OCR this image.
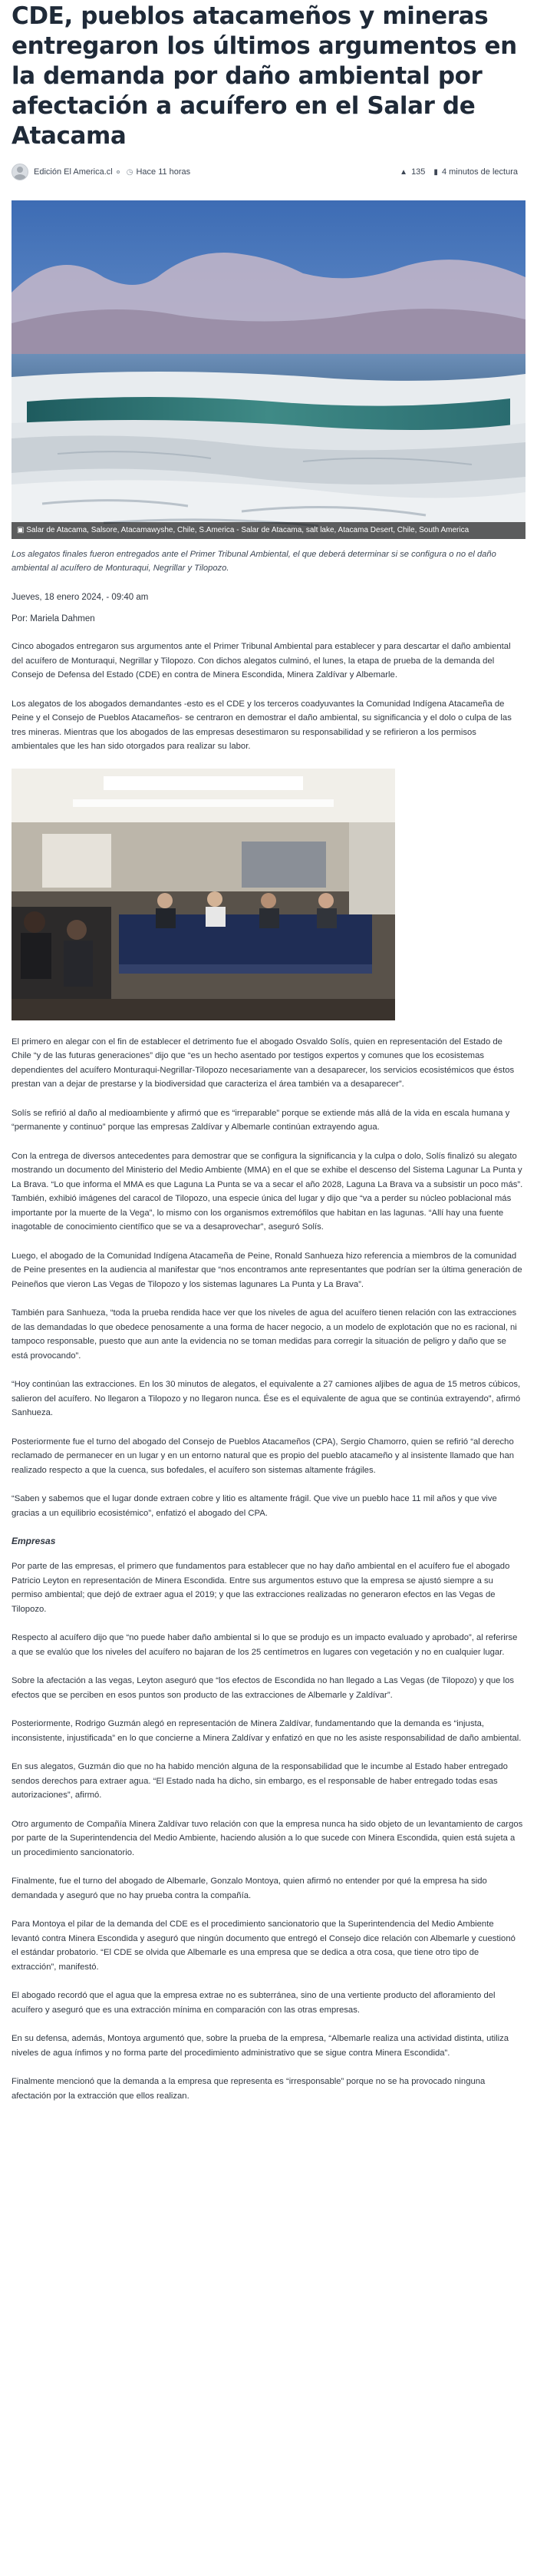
CDE, pueblos atacameños y mineras entregaron los últimos argumentos en la demanda por daño ambiental por afectación a acuífero en el Salar de Atacama
Edición El America.cl ◷ Hace 11 horas	▲ 135 ▮ 4 minutos de lectura
▣ Salar de Atacama, Salsore, Atacamawyshe, Chile, S.America - Salar de Atacama, salt lake, Atacama Desert, Chile, South America

Los alegatos finales fueron entregados ante el Primer Tribunal Ambiental, el que deberá determinar si se configura o no el daño ambiental al acuífero de Monturaqui, Negrillar y Tilopozo.

Jueves, 18 enero 2024, - 09:40 am
Por: Mariela Dahmen

Cinco abogados entregaron sus argumentos ante el Primer Tribunal Ambiental para establecer y para descartar el daño ambiental del acuífero de Monturaqui, Negrillar y Tilopozo. Con dichos alegatos culminó, el lunes, la etapa de prueba de la demanda del Consejo de Defensa del Estado (CDE) en contra de Minera Escondida, Minera Zaldívar y Albemarle.

Los alegatos de los abogados demandantes -esto es el CDE y los terceros coadyuvantes la Comunidad Indígena Atacameña de Peine y el Consejo de Pueblos Atacameños- se centraron en demostrar el daño ambiental, su significancia y el dolo o culpa de las tres mineras. Mientras que los abogados de las empresas desestimaron su responsabilidad y se refirieron a los permisos ambientales que les han sido otorgados para realizar su labor.

El primero en alegar con el fin de establecer el detrimento fue el abogado Osvaldo Solís, quien en representación del Estado de Chile “y de las futuras generaciones” dijo que “es un hecho asentado por testigos expertos y comunes que los ecosistemas dependientes del acuífero Monturaqui-Negrillar-Tilopozo necesariamente van a desaparecer, los servicios ecosistémicos que éstos prestan van a dejar de prestarse y la biodiversidad que caracteriza el área también va a desaparecer”.

Solís se refirió al daño al medioambiente y afirmó que es “irreparable” porque se extiende más allá de la vida en escala humana y “permanente y continuo” porque las empresas Zaldívar y Albemarle continúan extrayendo agua.

Con la entrega de diversos antecedentes para demostrar que se configura la significancia y la culpa o dolo, Solís finalizó su alegato mostrando un documento del Ministerio del Medio Ambiente (MMA) en el que se exhibe el descenso del Sistema Lagunar La Punta y La Brava. “Lo que informa el MMA es que Laguna La Punta se va a secar el año 2028, Laguna La Brava va a subsistir un poco más”. También, exhibió imágenes del caracol de Tilopozo, una especie única del lugar y dijo que “va a perder su núcleo poblacional más importante por la muerte de la Vega”, lo mismo con los organismos extremófilos que habitan en las lagunas. “Allí hay una fuente inagotable de conocimiento científico que se va a desaprovechar”, aseguró Solís.

Luego, el abogado de la Comunidad Indígena Atacameña de Peine, Ronald Sanhueza hizo referencia a miembros de la comunidad de Peine presentes en la audiencia al manifestar que “nos encontramos ante representantes que podrían ser la última generación de Peineños que vieron Las Vegas de Tilopozo y los sistemas lagunares La Punta y La Brava”.

También para Sanhueza, “toda la prueba rendida hace ver que los niveles de agua del acuífero tienen relación con las extracciones de las demandadas lo que obedece penosamente a una forma de hacer negocio, a un modelo de explotación que no es racional, ni tampoco responsable, puesto que aun ante la evidencia no se toman medidas para corregir la situación de peligro y daño que se está provocando”.

“Hoy continúan las extracciones. En los 30 minutos de alegatos, el equivalente a 27 camiones aljibes de agua de 15 metros cúbicos, salieron del acuífero. No llegaron a Tilopozo y no llegaron nunca. Ése es el equivalente de agua que se continúa extrayendo”, afirmó Sanhueza.

Posteriormente fue el turno del abogado del Consejo de Pueblos Atacameños (CPA), Sergio Chamorro, quien se refirió “al derecho reclamado de permanecer en un lugar y en un entorno natural que es propio del pueblo atacameño y al insistente llamado que han realizado respecto a que la cuenca, sus bofedales, el acuífero son sistemas altamente frágiles.

“Saben y sabemos que el lugar donde extraen cobre y litio es altamente frágil. Que vive un pueblo hace 11 mil años y que vive gracias a un equilibrio ecosistémico”, enfatizó el abogado del CPA.

Empresas

Por parte de las empresas, el primero que fundamentos para establecer que no hay daño ambiental en el acuífero fue el abogado Patricio Leyton en representación de Minera Escondida. Entre sus argumentos estuvo que la empresa se ajustó siempre a su permiso ambiental; que dejó de extraer agua el 2019; y que las extracciones realizadas no generaron efectos en las Vegas de Tilopozo.

Respecto al acuífero dijo que “no puede haber daño ambiental si lo que se produjo es un impacto evaluado y aprobado”, al referirse a que se evalúo que los niveles del acuífero no bajaran de los 25 centímetros en lugares con vegetación y no en cualquier lugar.

Sobre la afectación a las vegas, Leyton aseguró que “los efectos de Escondida no han llegado a Las Vegas (de Tilopozo) y que los efectos que se perciben en esos puntos son producto de las extracciones de Albemarle y Zaldívar”.

Posteriormente, Rodrigo Guzmán alegó en representación de Minera Zaldívar, fundamentando que la demanda es “injusta, inconsistente, injustificada” en lo que concierne a Minera Zaldívar y enfatizó en que no les asiste responsabilidad de daño ambiental.

En sus alegatos, Guzmán dio que no ha habido mención alguna de la responsabilidad que le incumbe al Estado haber entregado sendos derechos para extraer agua. “El Estado nada ha dicho, sin embargo, es el responsable de haber entregado todas esas autorizaciones”, afirmó.

Otro argumento de Compañía Minera Zaldívar tuvo relación con que la empresa nunca ha sido objeto de un levantamiento de cargos por parte de la Superintendencia del Medio Ambiente, haciendo alusión a lo que sucede con Minera Escondida, quien está sujeta a un procedimiento sancionatorio.

Finalmente, fue el turno del abogado de Albemarle, Gonzalo Montoya, quien afirmó no entender por qué la empresa ha sido demandada y aseguró que no hay prueba contra la compañía.

Para Montoya el pilar de la demanda del CDE es el procedimiento sancionatorio que la Superintendencia del Medio Ambiente levantó contra Minera Escondida y aseguró que ningún documento que entregó el Consejo dice relación con Albemarle y cuestionó el estándar probatorio. “El CDE se olvida que Albemarle es una empresa que se dedica a otra cosa, que tiene otro tipo de extracción”, manifestó.

El abogado recordó que el agua que la empresa extrae no es subterránea, sino de una vertiente producto del afloramiento del acuífero y aseguró que es una extracción mínima en comparación con las otras empresas.

En su defensa, además, Montoya argumentó que, sobre la prueba de la empresa, “Albemarle realiza una actividad distinta, utiliza niveles de agua ínfimos y no forma parte del procedimiento administrativo que se sigue contra Minera Escondida”.

Finalmente mencionó que la demanda a la empresa que representa es “irresponsable” porque no se ha provocado ninguna afectación por la extracción que ellos realizan.
